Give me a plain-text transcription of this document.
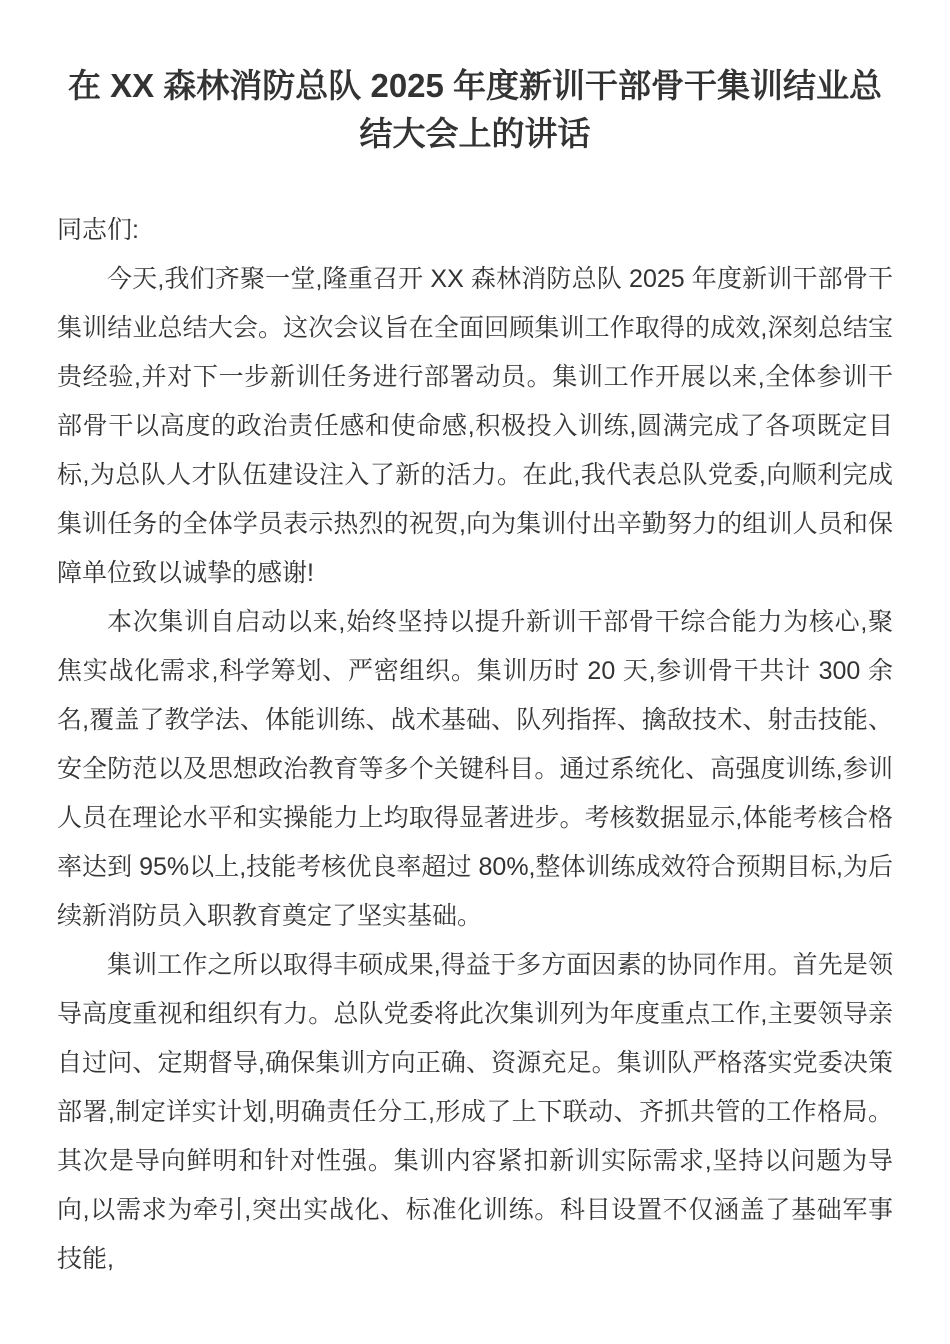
在 XX 森林消防总队 2025 年度新训干部骨干集训结业总结大会上的讲话

同志们:

今天,我们齐聚一堂,隆重召开 XX 森林消防总队 2025 年度新训干部骨干集训结业总结大会。这次会议旨在全面回顾集训工作取得的成效,深刻总结宝贵经验,并对下一步新训任务进行部署动员。集训工作开展以来,全体参训干部骨干以高度的政治责任感和使命感,积极投入训练,圆满完成了各项既定目标,为总队人才队伍建设注入了新的活力。在此,我代表总队党委,向顺利完成集训任务的全体学员表示热烈的祝贺,向为集训付出辛勤努力的组训人员和保障单位致以诚挚的感谢!

本次集训自启动以来,始终坚持以提升新训干部骨干综合能力为核心,聚焦实战化需求,科学筹划、严密组织。集训历时 20 天,参训骨干共计 300 余名,覆盖了教学法、体能训练、战术基础、队列指挥、擒敌技术、射击技能、安全防范以及思想政治教育等多个关键科目。通过系统化、高强度训练,参训人员在理论水平和实操能力上均取得显著进步。考核数据显示,体能考核合格率达到 95%以上,技能考核优良率超过 80%,整体训练成效符合预期目标,为后续新消防员入职教育奠定了坚实基础。

集训工作之所以取得丰硕成果,得益于多方面因素的协同作用。首先是领导高度重视和组织有力。总队党委将此次集训列为年度重点工作,主要领导亲自过问、定期督导,确保集训方向正确、资源充足。集训队严格落实党委决策部署,制定详实计划,明确责任分工,形成了上下联动、齐抓共管的工作格局。其次是导向鲜明和针对性强。集训内容紧扣新训实际需求,坚持以问题为导向,以需求为牵引,突出实战化、标准化训练。科目设置不仅涵盖了基础军事技能,
